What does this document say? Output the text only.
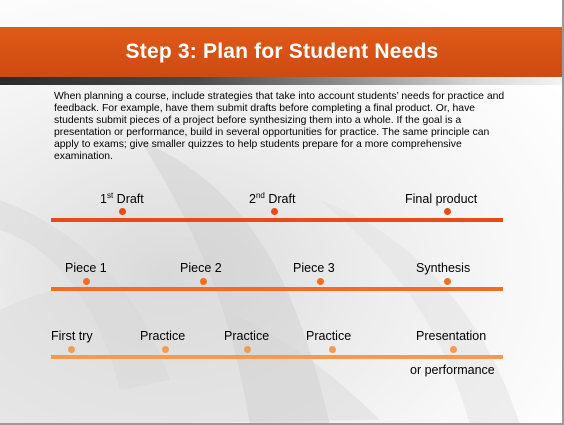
Step 3: Plan for Student Needs
When planning a course, include strategies that take into account students’ needs for practice and feedback. For example, have them submit drafts before completing a final product. Or, have students submit pieces of a project before synthesizing them into a whole. If the goal is a presentation or performance, build in several opportunities for practice. The same principle can apply to exams; give smaller quizzes to help students prepare for a more comprehensive examination.
1st Draft	2nd Draft	Final product
Piece 1	Piece 2	Piece 3	Synthesis
First try	Practice	Practice	Practice	Presentation
or performance
